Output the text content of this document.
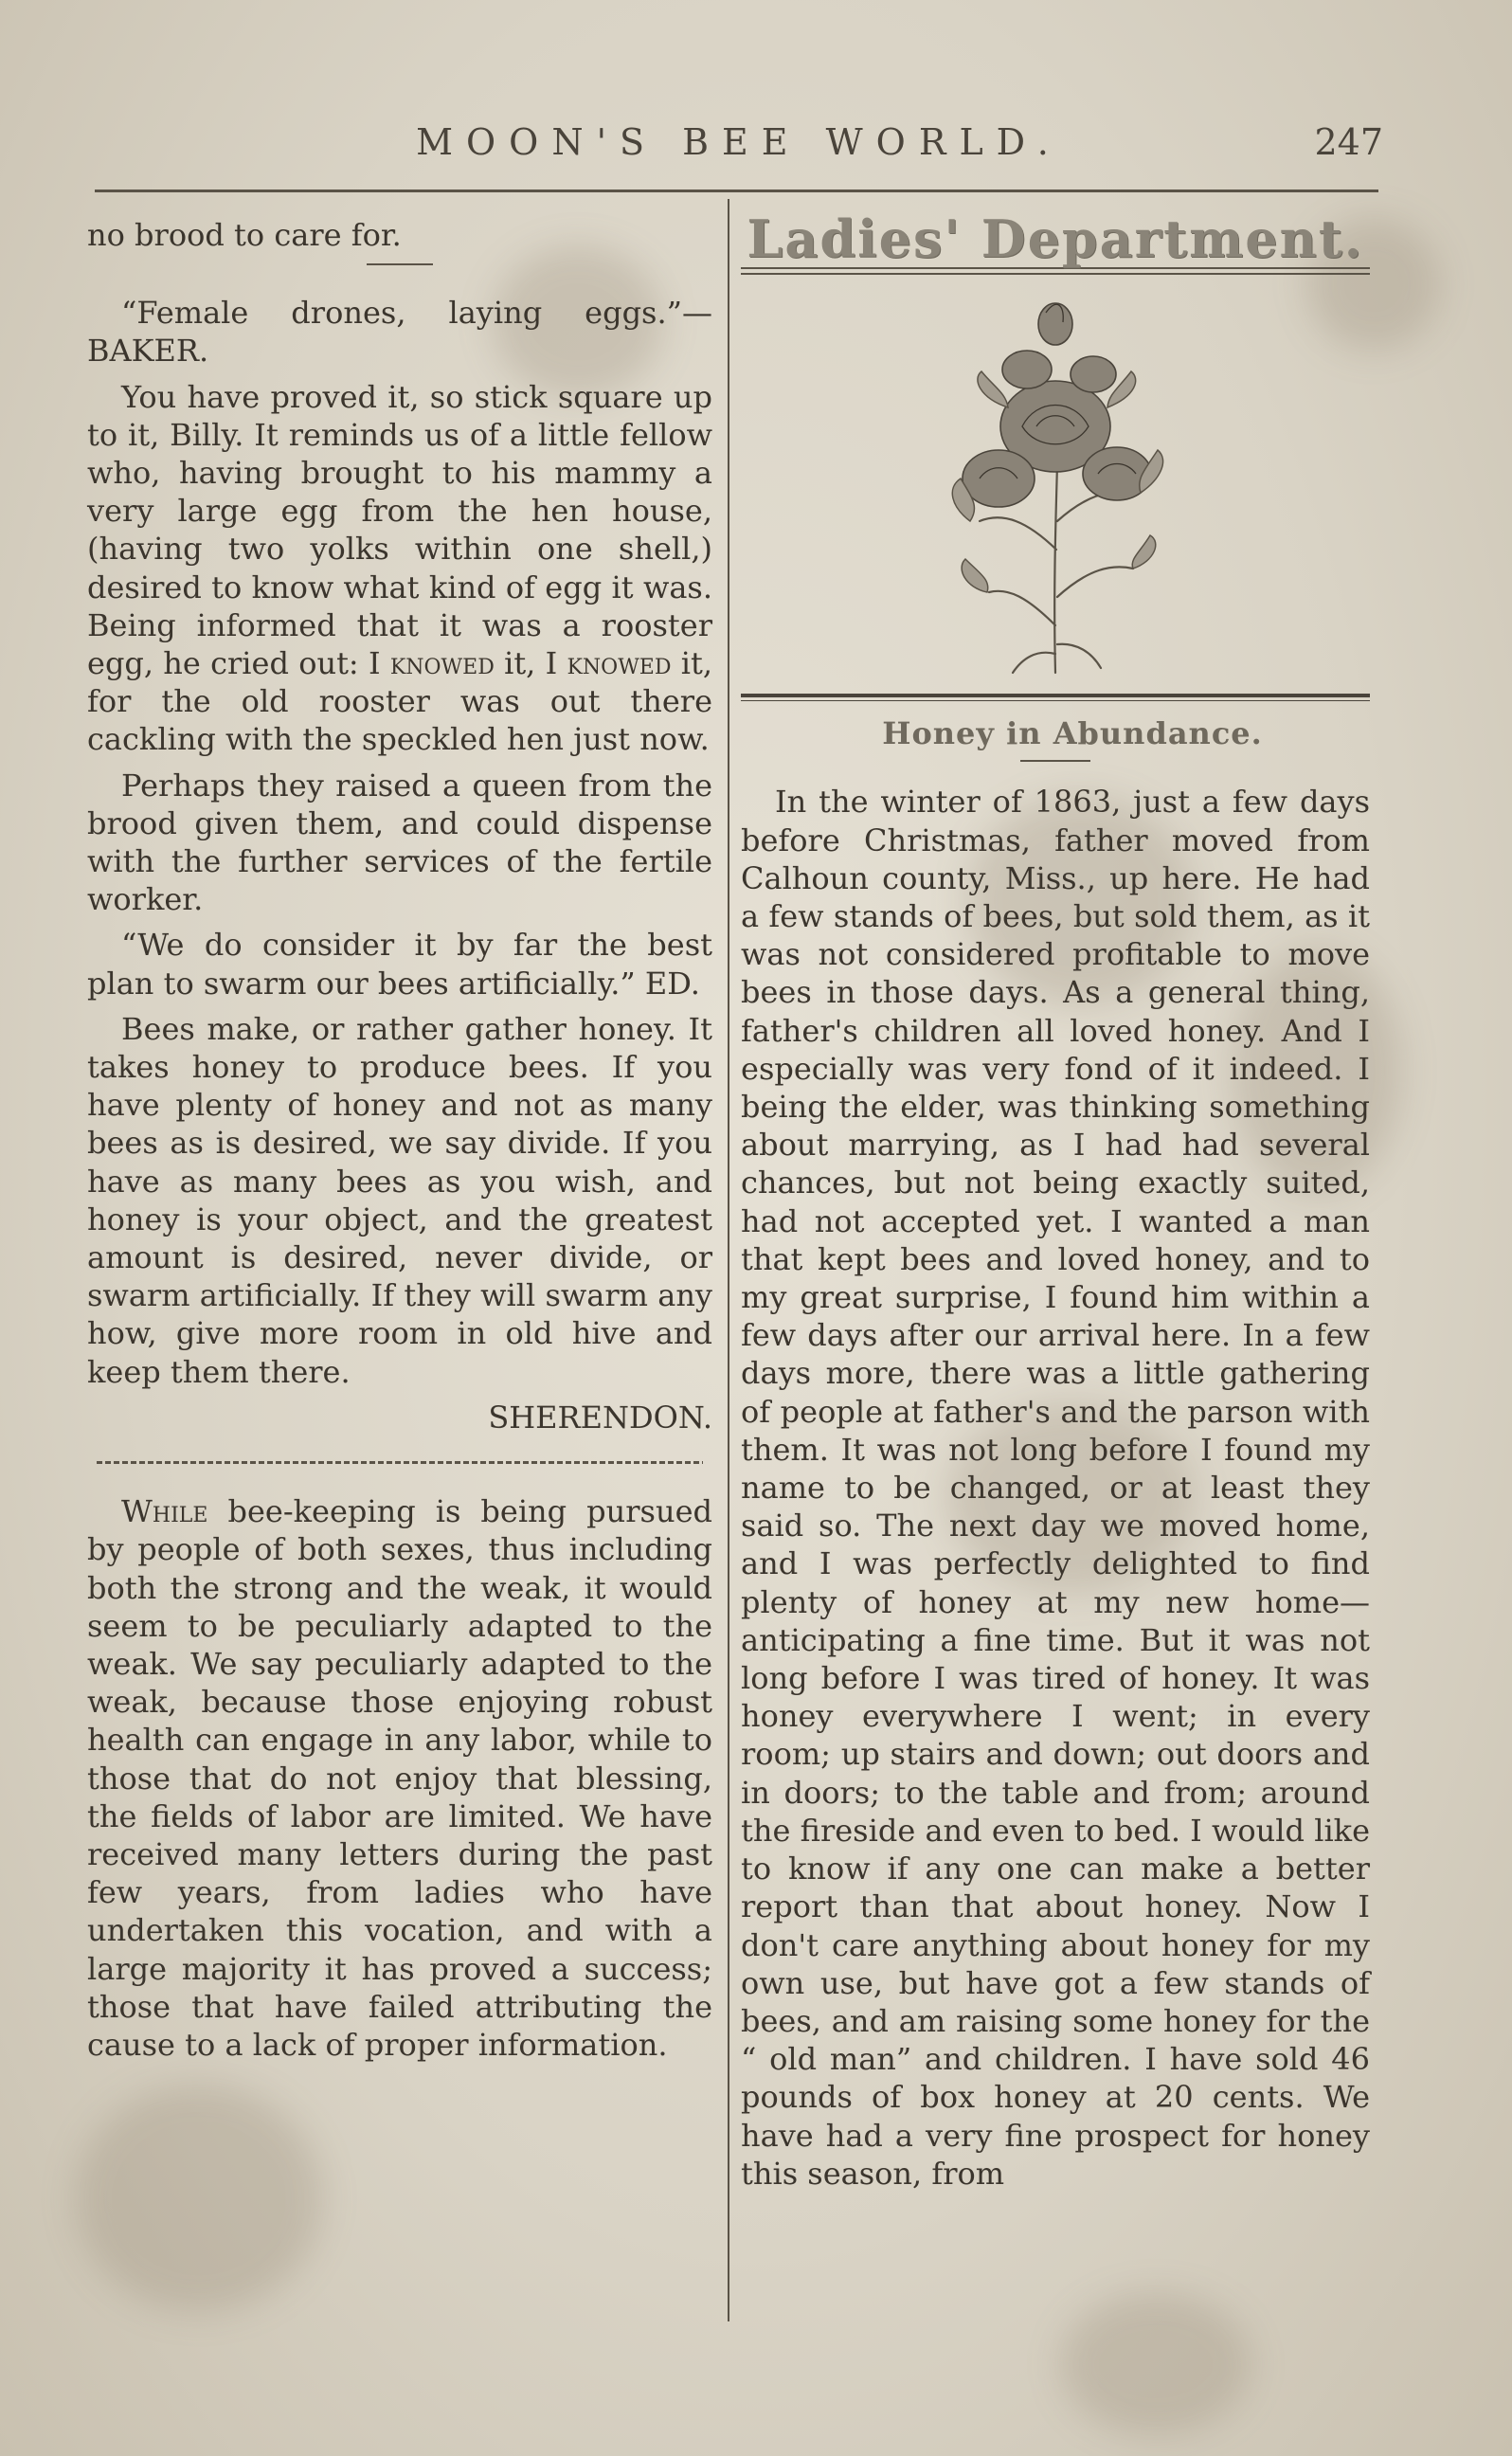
MOON'S BEE WORLD.	247

no brood to care for.

“Female drones, laying eggs.”—BAKER.

You have proved it, so stick square up to it, Billy. It reminds us of a little fellow who, having brought to his mammy a very large egg from the hen house, (having two yolks within one shell,) desired to know what kind of egg it was. Being informed that it was a rooster egg, he cried out: I knowed it, I knowed it, for the old rooster was out there cackling with the speckled hen just now.

Perhaps they raised a queen from the brood given them, and could dispense with the further services of the fertile worker.

“We do consider it by far the best plan to swarm our bees artificially.” ED.

Bees make, or rather gather honey. It takes honey to produce bees. If you have plenty of honey and not as many bees as is desired, we say divide. If you have as many bees as you wish, and honey is your object, and the greatest amount is desired, never divide, or swarm artificially. If they will swarm any how, give more room in old hive and keep them there.

SHERENDON.

While bee-keeping is being pursued by people of both sexes, thus including both the strong and the weak, it would seem to be peculiarly adapted to the weak. We say peculiarly adapted to the weak, because those enjoying robust health can engage in any labor, while to those that do not enjoy that blessing, the fields of labor are limited. We have received many letters during the past few years, from ladies who have undertaken this vocation, and with a large majority it has proved a success; those that have failed attributing the cause to a lack of proper information.

Ladies' Department.

Honey in Abundance.

In the winter of 1863, just a few days before Christmas, father moved from Calhoun county, Miss., up here. He had a few stands of bees, but sold them, as it was not considered profitable to move bees in those days. As a general thing, father's children all loved honey. And I especially was very fond of it indeed. I being the elder, was thinking something about marrying, as I had had several chances, but not being exactly suited, had not accepted yet. I wanted a man that kept bees and loved honey, and to my great surprise, I found him within a few days after our arrival here. In a few days more, there was a little gathering of people at father's and the parson with them. It was not long before I found my name to be changed, or at least they said so. The next day we moved home, and I was perfectly delighted to find plenty of honey at my new home—anticipating a fine time. But it was not long before I was tired of honey. It was honey everywhere I went; in every room; up stairs and down; out doors and in doors; to the table and from; around the fireside and even to bed. I would like to know if any one can make a better report than that about honey. Now I don't care anything about honey for my own use, but have got a few stands of bees, and am raising some honey for the “ old man” and children. I have sold 46 pounds of box honey at 20 cents. We have had a very fine prospect for honey this season, from
